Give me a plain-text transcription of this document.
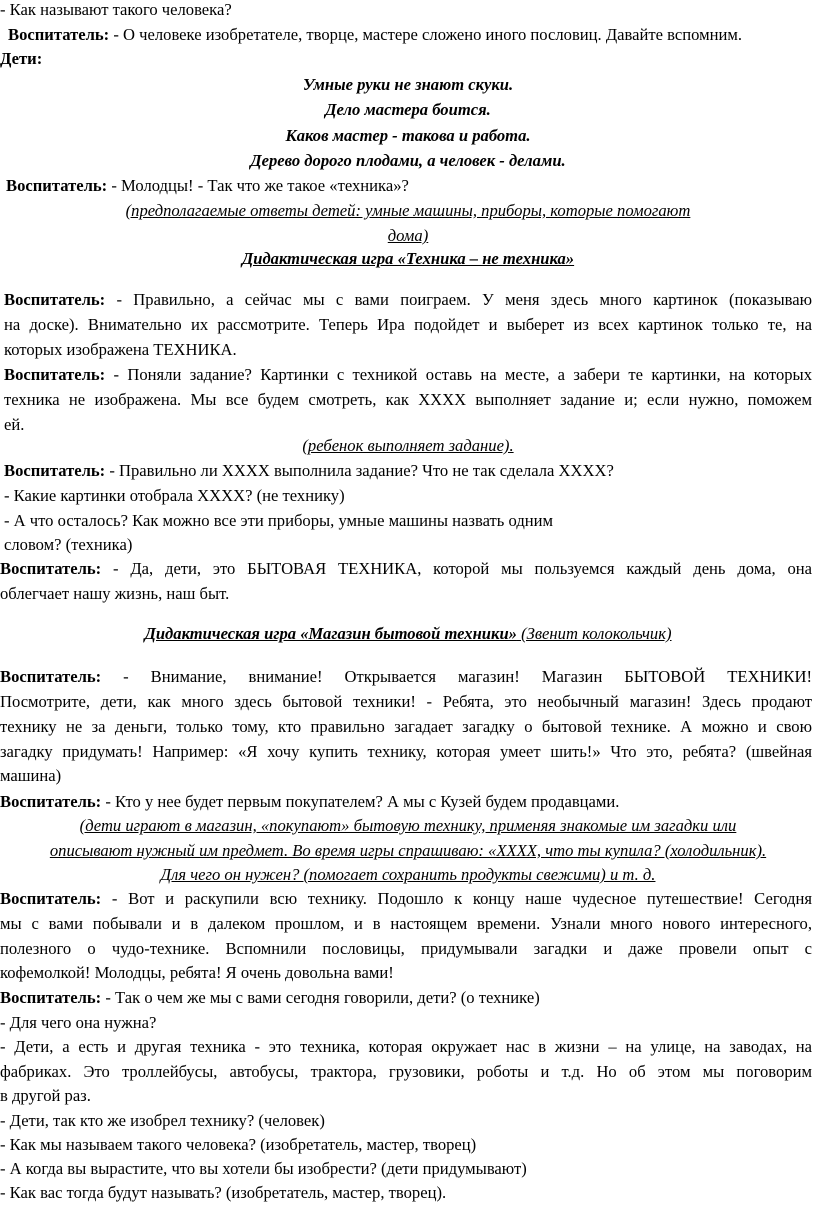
- Как называют такого человека?
Воспитатель: - О человеке изобретателе, творце, мастере сложено иного пословиц. Давайте вспомним.
Дети:
Умные руки не знают скуки.
Дело мастера боится.
Каков мастер - такова и работа.
Дерево дорого плодами, а человек - делами.
Воспитатель: - Молодцы! - Так что же такое «техника»?
(предполагаемые ответы детей: умные машины, приборы, которые помогают
дома)
Дидактическая игра «Техника – не техника»
Воспитатель: - Правильно, а сейчас мы с вами поиграем. У меня здесь много картинок (показываю
на доске). Внимательно их рассмотрите. Теперь Ира подойдет и выберет из всех картинок только те, на
которых изображена ТЕХНИКА.
Воспитатель: - Поняли задание? Картинки с техникой оставь на месте, а забери те картинки, на которых
техника не изображена. Мы все будем смотреть, как ХХХХ выполняет задание и; если нужно, поможем
ей.
(ребенок выполняет задание).
Воспитатель: - Правильно ли ХХХХ выполнила задание? Что не так сделала ХХХХ?
- Какие картинки отобрала ХХХХ? (не технику)
- А что осталось? Как можно все эти приборы, умные машины назвать одним
словом? (техника)
Воспитатель: - Да, дети, это БЫТОВАЯ ТЕХНИКА, которой мы пользуемся каждый день дома, она
облегчает нашу жизнь, наш быт.
Дидактическая игра «Магазин бытовой техники» (Звенит колокольчик)
Воспитатель: - Внимание, внимание! Открывается магазин! Магазин БЫТОВОЙ ТЕХНИКИ!
Посмотрите, дети, как много здесь бытовой техники! - Ребята, это необычный магазин! Здесь продают
технику не за деньги, только тому, кто правильно загадает загадку о бытовой технике. А можно и свою
загадку придумать! Например: «Я хочу купить технику, которая умеет шить!» Что это, ребята? (швейная
машина)
Воспитатель: - Кто у нее будет первым покупателем? А мы с Кузей будем продавцами.
(дети играют в магазин, «покупают» бытовую технику, применяя знакомые им загадки или
описывают нужный им предмет. Во время игры спрашиваю: «ХХХХ, что ты купила? (холодильник).
Для чего он нужен? (помогает сохранить продукты свежими) и т. д.
Воспитатель: - Вот и раскупили всю технику. Подошло к концу наше чудесное путешествие! Сегодня
мы с вами побывали и в далеком прошлом, и в настоящем времени. Узнали много нового интересного,
полезного о чудо-технике. Вспомнили пословицы, придумывали загадки и даже провели опыт с
кофемолкой! Молодцы, ребята! Я очень довольна вами!
Воспитатель: - Так о чем же мы с вами сегодня говорили, дети? (о технике)
- Для чего она нужна?
- Дети, а есть и другая техника - это техника, которая окружает нас в жизни – на улице, на заводах, на
фабриках. Это троллейбусы, автобусы, трактора, грузовики, роботы и т.д. Но об этом мы поговорим
в другой раз.
- Дети, так кто же изобрел технику? (человек)
- Как мы называем такого человека? (изобретатель, мастер, творец)
- А когда вы вырастите, что вы хотели бы изобрести? (дети придумывают)
- Как вас тогда будут называть? (изобретатель, мастер, творец).
